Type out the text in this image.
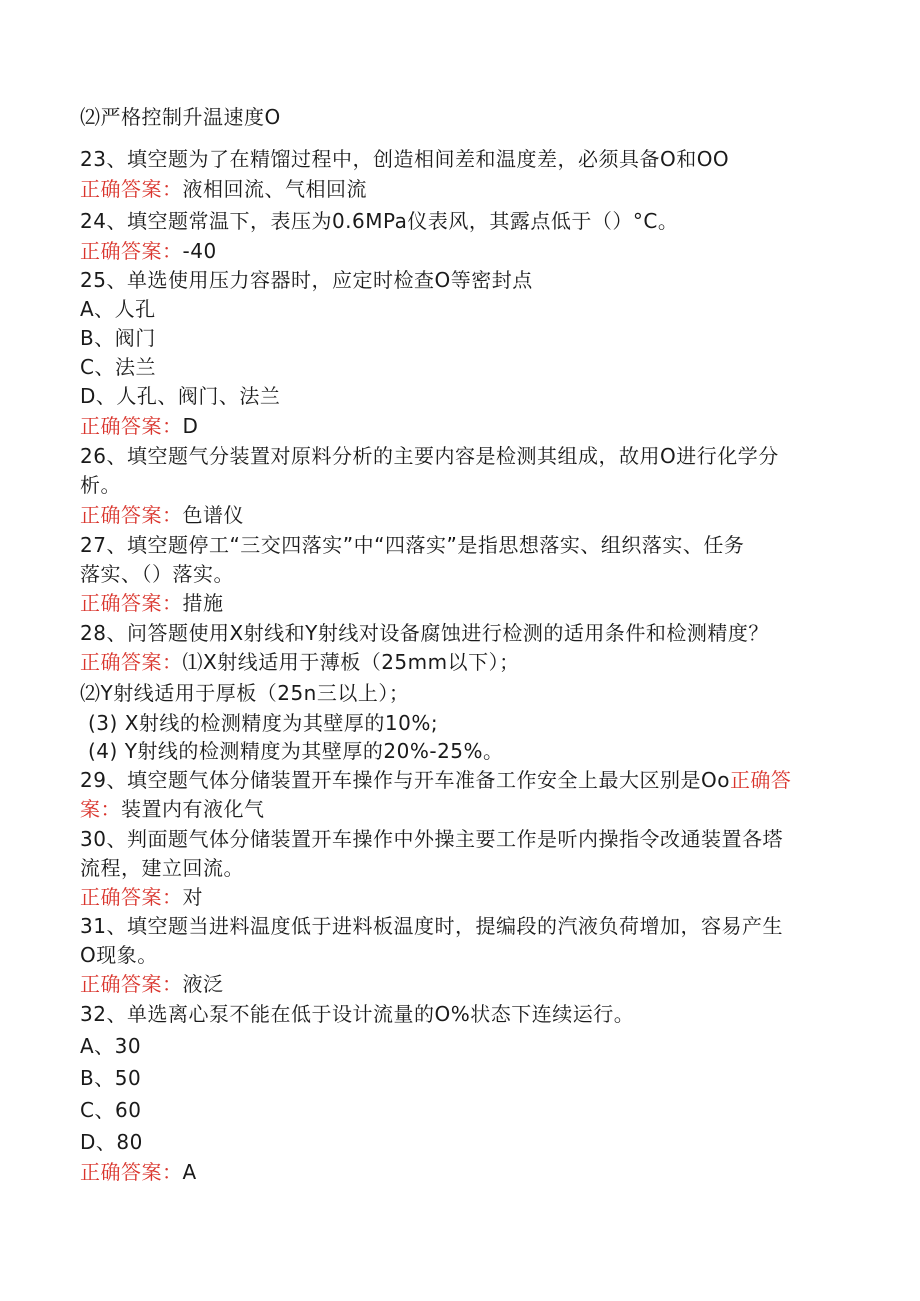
⑵严格控制升温速度O
23、填空题为了在精馏过程中，创造相间差和温度差，必须具备O和OO
正确答案：液相回流、气相回流
24、填空题常温下，表压为0.6MPa仪表风，其露点低于（）°C。
正确答案：-40
25、单选使用压力容器时，应定时检查O等密封点
A、人孔
B、阀门
C、法兰
D、人孔、阀门、法兰
正确答案：D
26、填空题气分装置对原料分析的主要内容是检测其组成，故用O进行化学分
析。
正确答案：色谱仪
27、填空题停工“三交四落实”中“四落实”是指思想落实、组织落实、任务
落实、（）落实。
正确答案：措施
28、问答题使用X射线和Y射线对设备腐蚀进行检测的适用条件和检测精度？
正确答案：⑴X射线适用于薄板（25mm以下）；
⑵Y射线适用于厚板（25n三以上）；
(3) X射线的检测精度为其壁厚的10%;
(4) Y射线的检测精度为其壁厚的20%-25%。
29、填空题气体分储装置开车操作与开车准备工作安全上最大区别是Oo正确答
案：装置内有液化气
30、判面题气体分储装置开车操作中外操主要工作是听内操指令改通装置各塔
流程，建立回流。
正确答案：对
31、填空题当进料温度低于进料板温度时，提编段的汽液负荷增加，容易产生
O现象。
正确答案：液泛
32、单选离心泵不能在低于设计流量的O%状态下连续运行。
A、30
B、50
C、60
D、80
正确答案：A
